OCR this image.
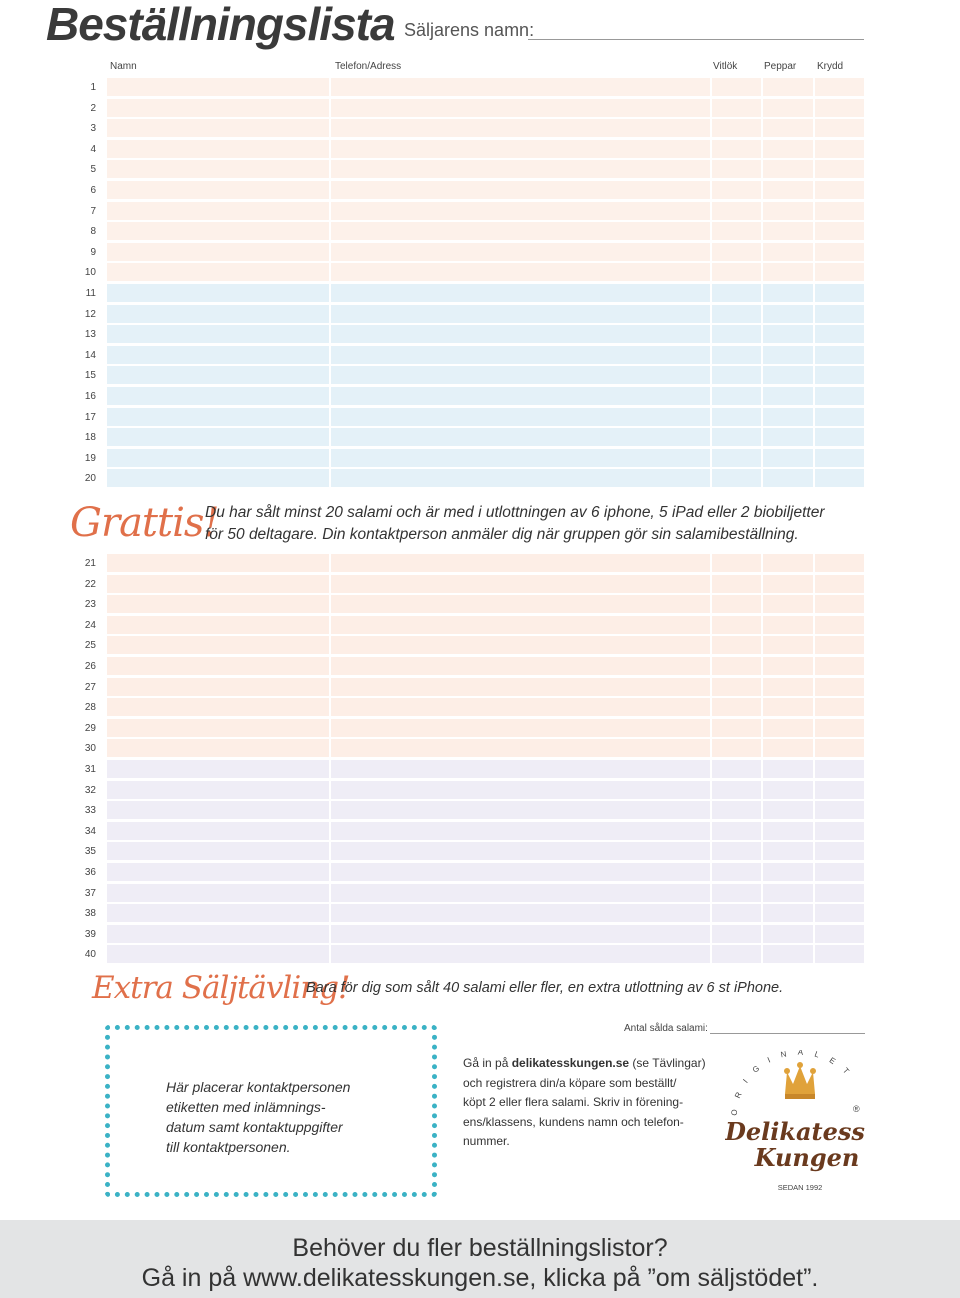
Beställningslista Säljarens namn:
Namn	Telefon/Adress	Vitlök	Peppar Krydd
1
2
3
4
5
6
7
8
9
10
11
12
13
14
15
16
17
18
19
20
Grattis!
Du har sålt minst 20 salami och är med i utlottningen av 6 iphone, 5 iPad eller 2 biobiljetter
för 50 deltagare. Din kontaktperson anmäler dig när gruppen gör sin salamibeställning.
21
22
23
24
25
26
27
28
29
30
31
32
33
34
35
36
37
38
39
40
Extra Säljtävling!
Bara för dig som sålt 40 salami eller fler, en extra utlottning av 6 st iPhone.
Antal sålda salami:
Här placerar kontaktpersonen
etiketten med inlämnings-
datum samt kontaktuppgifter
till kontaktpersonen.
Gå in på delikatesskungen.se (se Tävlingar)
och registrera din/a köpare som beställt/
köpt 2 eller flera salami. Skriv in förening-
ens/klassens, kundens namn och telefon-
nummer.
ORIGINALET
Delikatess
Kungen
®
SEDAN 1992
Behöver du fler beställningslistor?
Gå in på www.delikatesskungen.se, klicka på ”om säljstödet”.
